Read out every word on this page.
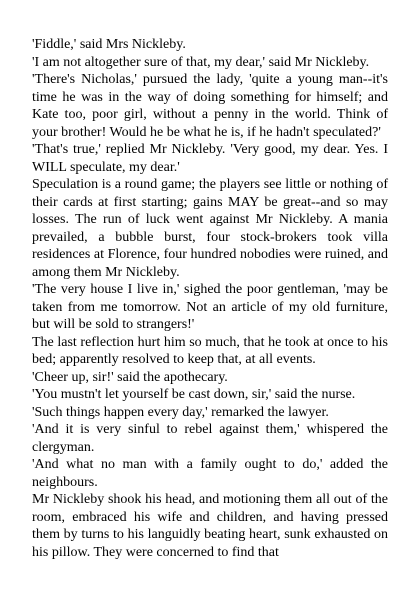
'Fiddle,' said Mrs Nickleby.

'I am not altogether sure of that, my dear,' said Mr Nickleby.

'There's Nicholas,' pursued the lady, 'quite a young man--it's time he was in the way of doing something for himself; and Kate too, poor girl, without a penny in the world. Think of your brother! Would he be what he is, if he hadn't speculated?'

'That's true,' replied Mr Nickleby. 'Very good, my dear. Yes. I WILL speculate, my dear.'

Speculation is a round game; the players see little or nothing of their cards at first starting; gains MAY be great--and so may losses. The run of luck went against Mr Nickleby. A mania prevailed, a bubble burst, four stock-brokers took villa residences at Florence, four hundred nobodies were ruined, and among them Mr Nickleby.

'The very house I live in,' sighed the poor gentleman, 'may be taken from me tomorrow. Not an article of my old furniture, but will be sold to strangers!'

The last reflection hurt him so much, that he took at once to his bed; apparently resolved to keep that, at all events.

'Cheer up, sir!' said the apothecary.

'You mustn't let yourself be cast down, sir,' said the nurse.

'Such things happen every day,' remarked the lawyer.

'And it is very sinful to rebel against them,' whispered the clergyman.

'And what no man with a family ought to do,' added the neighbours.

Mr Nickleby shook his head, and motioning them all out of the room, embraced his wife and children, and having pressed them by turns to his languidly beating heart, sunk exhausted on his pillow. They were concerned to find that
